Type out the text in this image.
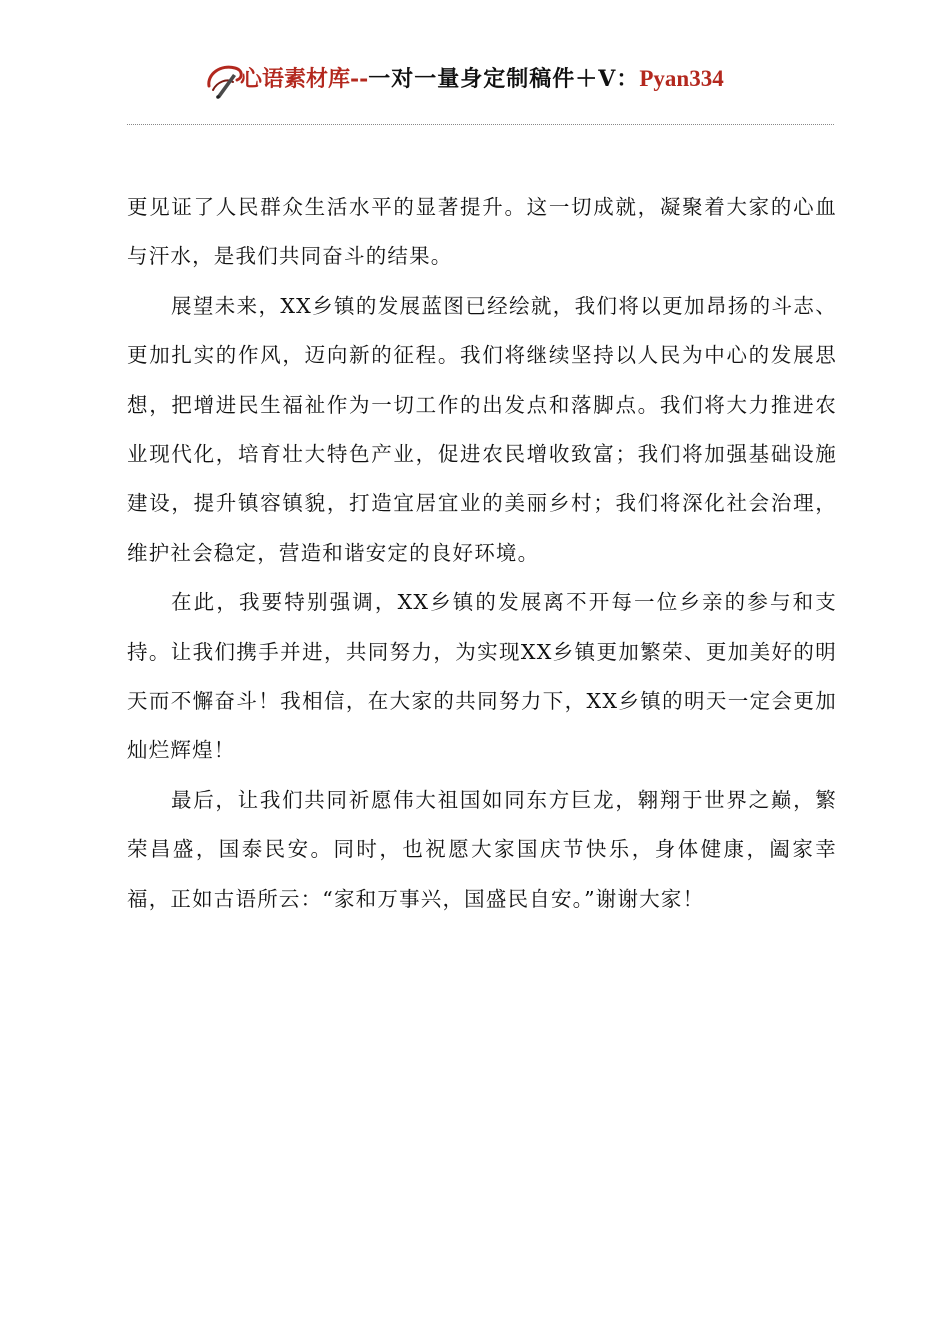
心语素材库--一对一量身定制稿件＋V：Pyan334

更见证了人民群众生活水平的显著提升。这一切成就，凝聚着大家的心血与汗水，是我们共同奋斗的结果。

展望未来，XX乡镇的发展蓝图已经绘就，我们将以更加昂扬的斗志、更加扎实的作风，迈向新的征程。我们将继续坚持以人民为中心的发展思想，把增进民生福祉作为一切工作的出发点和落脚点。我们将大力推进农业现代化，培育壮大特色产业，促进农民增收致富；我们将加强基础设施建设，提升镇容镇貌，打造宜居宜业的美丽乡村；我们将深化社会治理，维护社会稳定，营造和谐安定的良好环境。

在此，我要特别强调，XX乡镇的发展离不开每一位乡亲的参与和支持。让我们携手并进，共同努力，为实现XX乡镇更加繁荣、更加美好的明天而不懈奋斗！我相信，在大家的共同努力下，XX乡镇的明天一定会更加灿烂辉煌！

最后，让我们共同祈愿伟大祖国如同东方巨龙，翱翔于世界之巅，繁荣昌盛，国泰民安。同时，也祝愿大家国庆节快乐，身体健康，阖家幸福，正如古语所云：“家和万事兴，国盛民自安。”谢谢大家！
